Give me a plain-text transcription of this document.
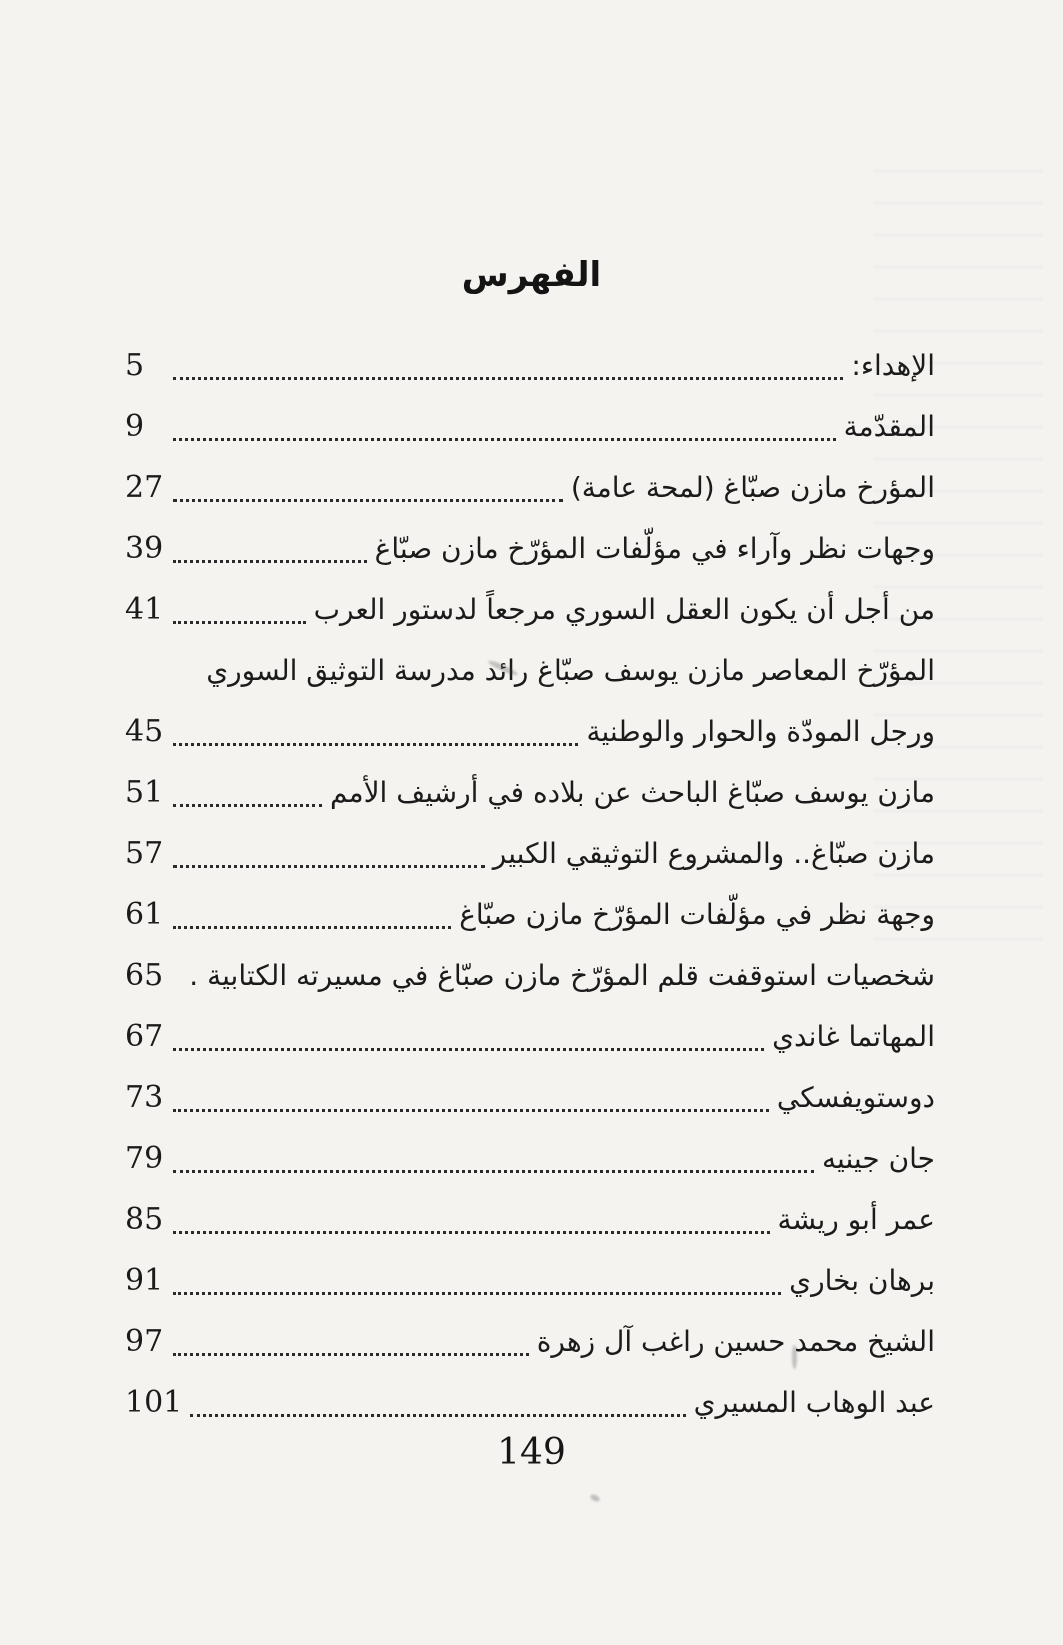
الفهرس
الإهداء:
5
المقدّمة
9
المؤرخ مازن صبّاغ (لمحة عامة)
27
وجهات نظر وآراء في مؤلّفات المؤرّخ مازن صبّاغ
39
من أجل أن يكون العقل السوري مرجعاً لدستور العرب
41
المؤرّخ المعاصر مازن يوسف صبّاغ رائد مدرسة التوثيق السوري
ورجل المودّة والحوار والوطنية
45
مازن يوسف صبّاغ الباحث عن بلاده في أرشيف الأمم
51
مازن صبّاغ.. والمشروع التوثيقي الكبير
57
وجهة نظر في مؤلّفات المؤرّخ مازن صبّاغ
61
شخصيات استوقفت قلم المؤرّخ مازن صبّاغ في مسيرته الكتابية .
65
المهاتما غاندي
67
دوستويفسكي
73
جان جينيه
79
عمر أبو ريشة
85
برهان بخاري
91
الشيخ محمد حسين راغب آل زهرة
97
عبد الوهاب المسيري
101
149
